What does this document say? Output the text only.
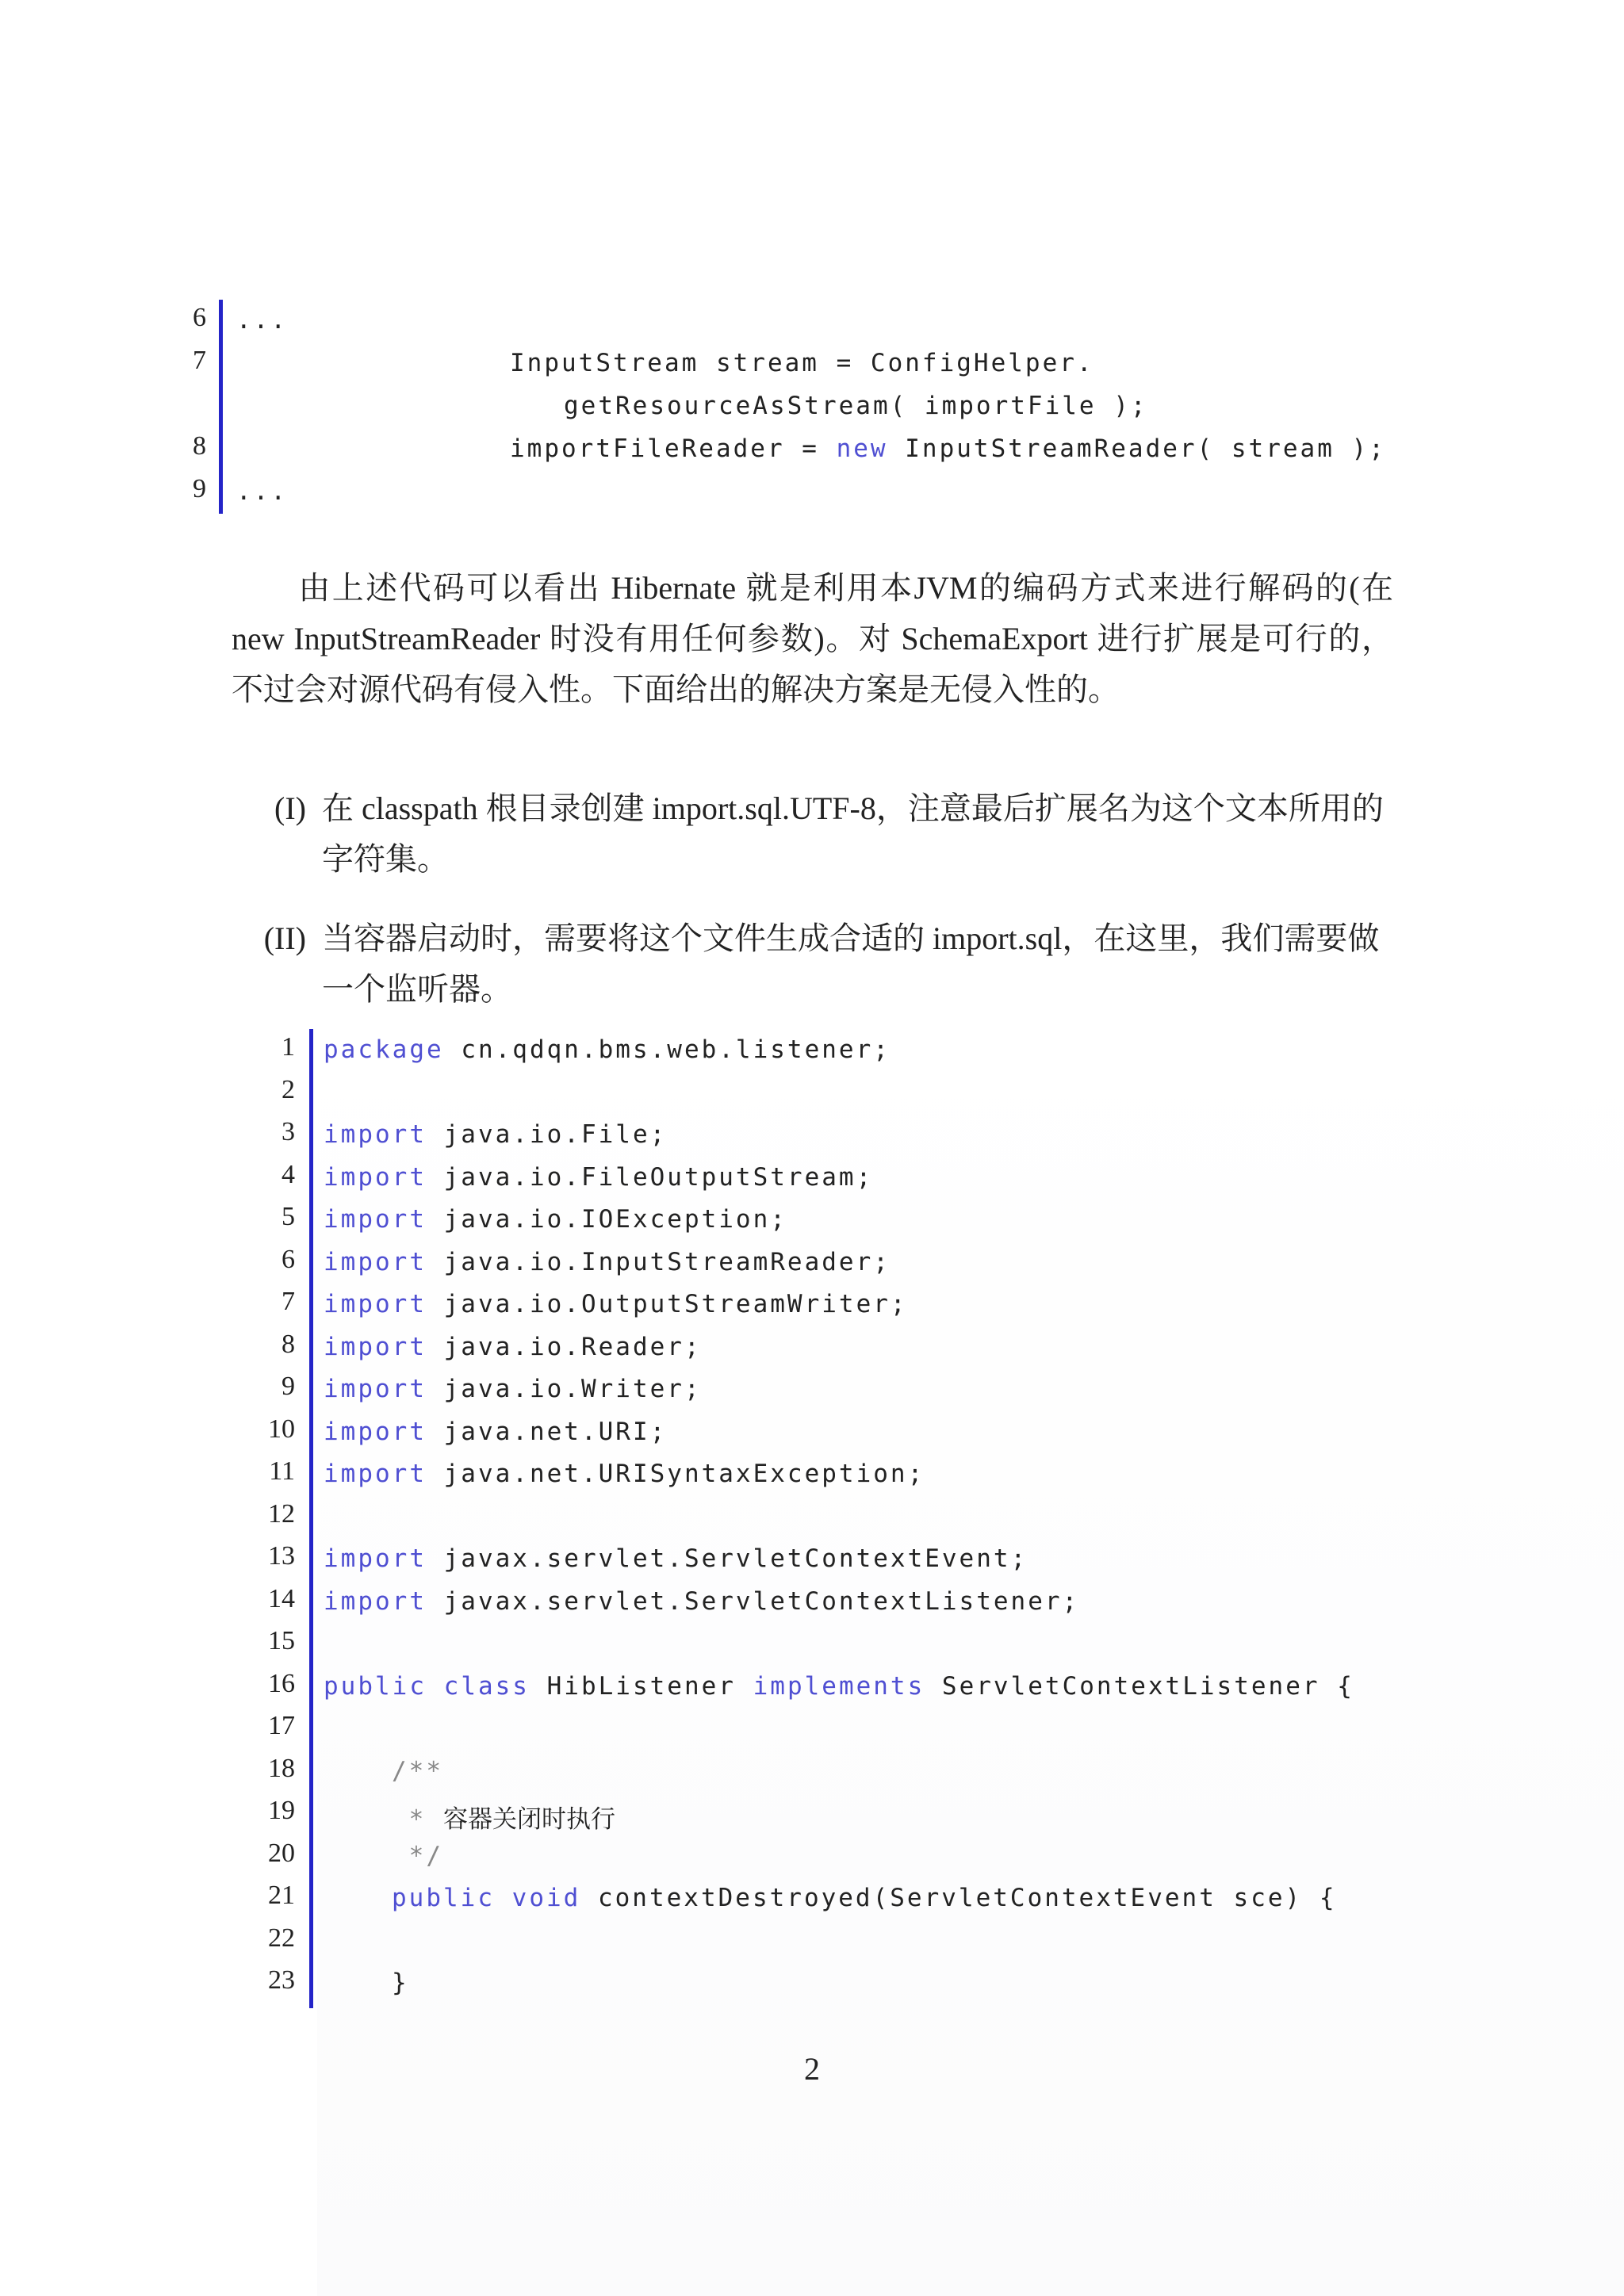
6 ...
7	InputStream stream = ConfigHelper.
getResourceAsStream( importFile );
8	importFileReader = new InputStreamReader( stream );
9 ...
由上述代码可以看出 Hibernate 就是利用本JVM的编码方式来进行解码的(在 new InputStreamReader 时没有用任何参数)。对 SchemaExport 进行扩展是可行的，不过会对源代码有侵入性。下面给出的解决方案是无侵入性的。
(I) 在 classpath 根目录创建 import.sql.UTF-8，注意最后扩展名为这个文本所用的字符集。
(II) 当容器启动时，需要将这个文件生成合适的 import.sql，在这里，我们需要做一个监听器。
1 package cn.qdqn.bms.web.listener;
2
3 import java.io.File;
4 import java.io.FileOutputStream;
5 import java.io.IOException;
6 import java.io.InputStreamReader;
7 import java.io.OutputStreamWriter;
8 import java.io.Reader;
9 import java.io.Writer;
10 import java.net.URI;
11 import java.net.URISyntaxException;
12
13 import javax.servlet.ServletContextEvent;
14 import javax.servlet.ServletContextListener;
15
16 public class HibListener implements ServletContextListener {
17
18	/**
19	* 容器关闭时执行
20	*/
21	public void contextDestroyed(ServletContextEvent sce) {
22
23	}
2
